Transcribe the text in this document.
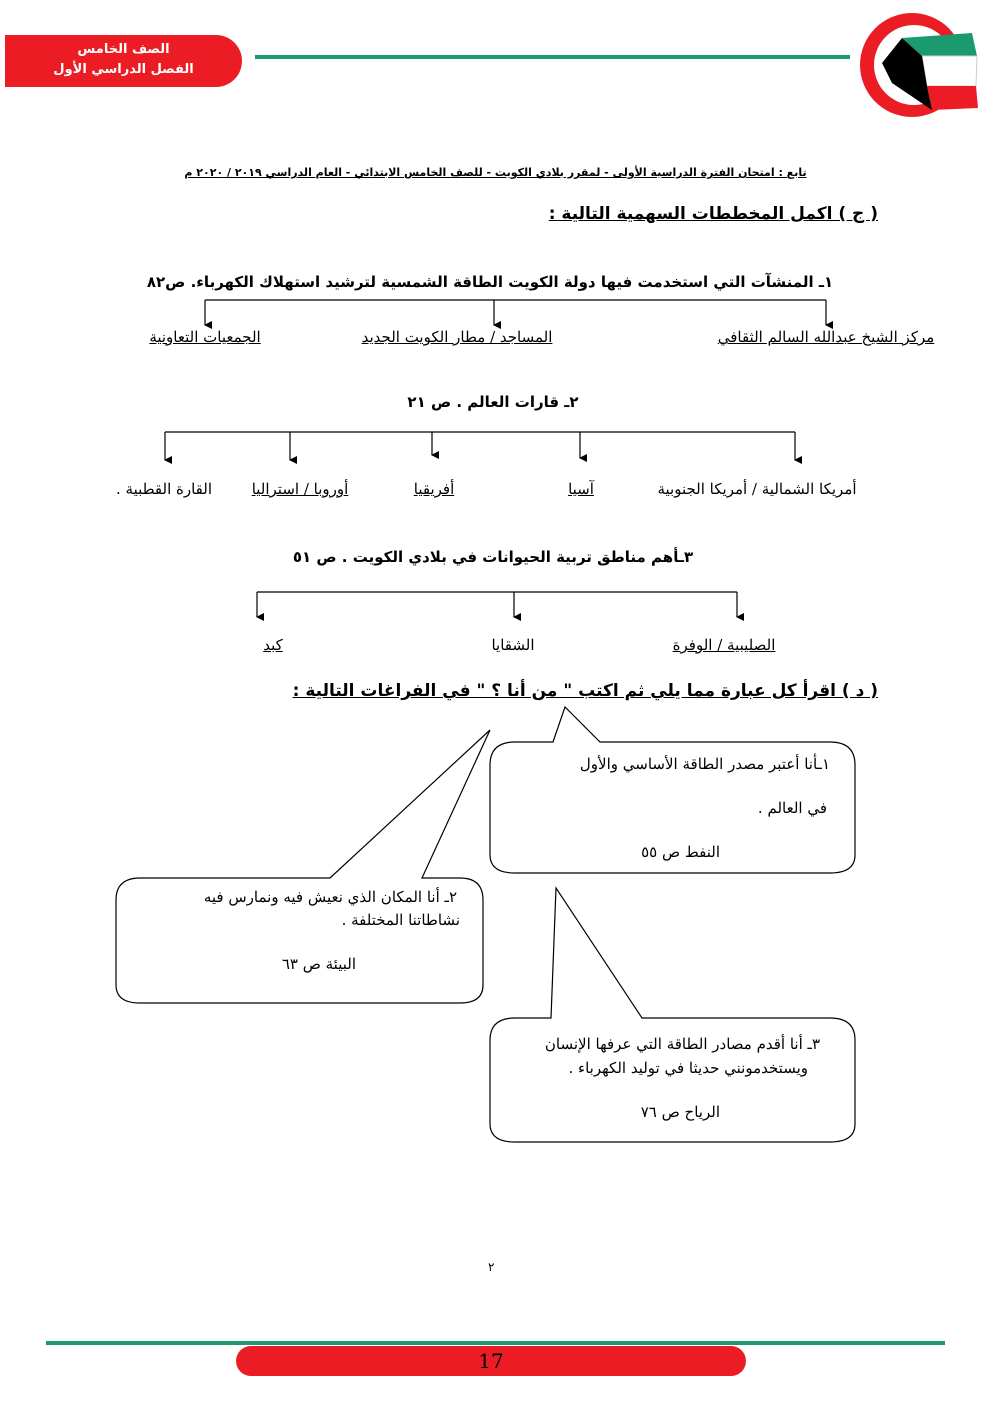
الصف الخامس
الفصل الدراسي الأول
تابع : امتحان الفترة الدراسية الأولى - لمقرر بلادي الكويت - للصف الخامس الابتدائي - العام الدراسي ٢٠١٩ / ٢٠٢٠ م
( ج ) اكمل المخططات السهمية التالية :
١ـ المنشآت التي استخدمت فيها دولة الكويت الطاقة الشمسية لترشيد استهلاك الكهرباء. ص٨٢
مركز الشيخ عبدالله السالم الثقافي
المساجد / مطار الكويت الجديد
الجمعيات التعاونية
٢ـ قارات العالم . ص ٢١
أمريكا الشمالية / أمريكا الجنوبية
آسيا
أفريقيا
أوروبا / استراليا
القارة القطبية .
٣ـأهم مناطق تربية الحيوانات في بلادي الكويت . ص ٥١
الصليبية / الوفرة
الشقايا
كبد
( د ) اقرأ كل عبارة مما يلي ثم اكتب " من أنا ؟ " في الفراغات التالية :
١ـأنا أعتبر مصدر الطاقة الأساسي والأول
في العالم .
النفط ص ٥٥
٢ـ أنا المكان الذي نعيش فيه ونمارس فيه
نشاطاتنا المختلفة .
البيئة ص ٦٣
٣ـ أنا أقدم مصادر الطاقة التي عرفها الإنسان
ويستخدمونني حديثا في توليد الكهرباء .
الرياح ص ٧٦
٢
17
